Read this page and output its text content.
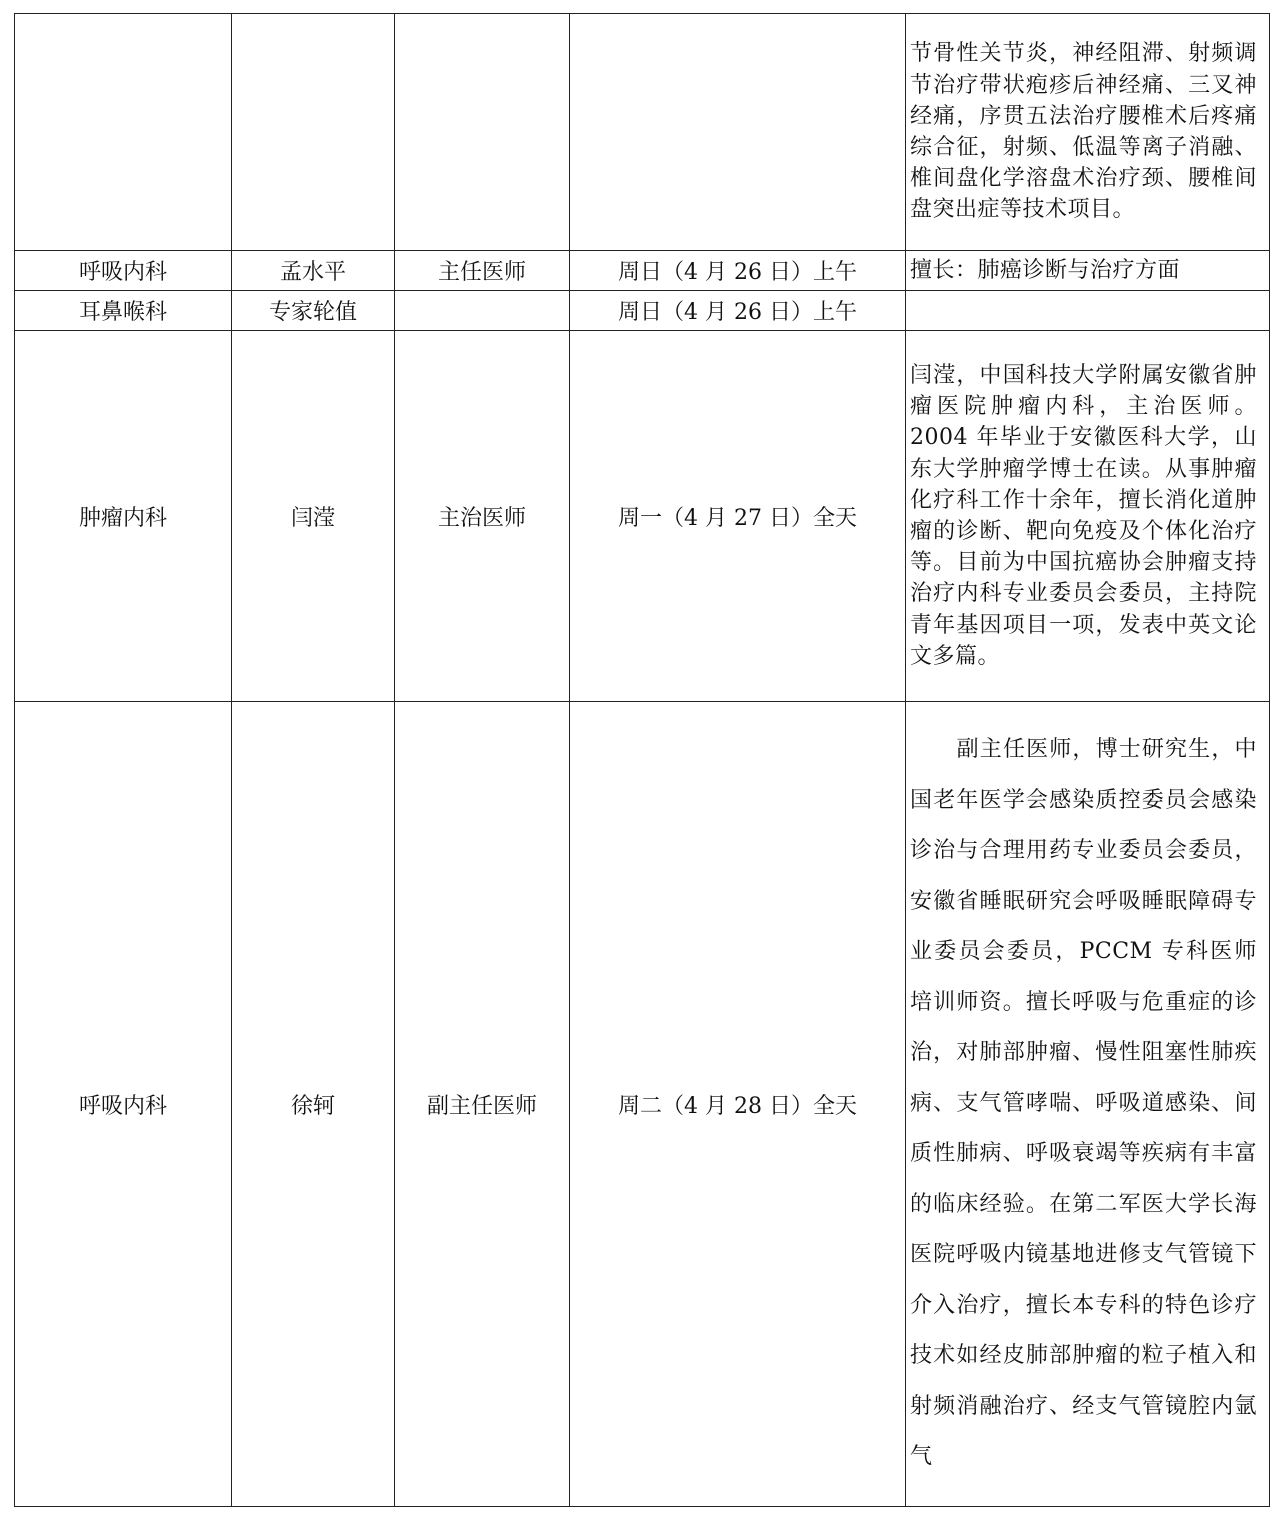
				节骨性关节炎，神经阻滞、射频调节治疗带状疱疹后神经痛、三叉神经痛，序贯五法治疗腰椎术后疼痛综合征，射频、低温等离子消融、椎间盘化学溶盘术治疗颈、腰椎间盘突出症等技术项目。
呼吸内科	孟水平	主任医师	周日（4 月 26 日）上午	擅长：肺癌诊断与治疗方面
耳鼻喉科	专家轮值		周日（4 月 26 日）上午	
肿瘤内科	闫滢	主治医师	周一（4 月 27 日）全天	闫滢，中国科技大学附属安徽省肿瘤医院肿瘤内科，主治医师。2004 年毕业于安徽医科大学，山东大学肿瘤学博士在读。从事肿瘤化疗科工作十余年，擅长消化道肿瘤的诊断、靶向免疫及个体化治疗等。目前为中国抗癌协会肿瘤支持治疗内科专业委员会委员，主持院青年基因项目一项，发表中英文论文多篇。
呼吸内科	徐轲	副主任医师	周二（4 月 28 日）全天	副主任医师，博士研究生，中国老年医学会感染质控委员会感染诊治与合理用药专业委员会委员，安徽省睡眠研究会呼吸睡眠障碍专业委员会委员，PCCM 专科医师培训师资。擅长呼吸与危重症的诊治，对肺部肿瘤、慢性阻塞性肺疾病、支气管哮喘、呼吸道感染、间质性肺病、呼吸衰竭等疾病有丰富的临床经验。在第二军医大学长海医院呼吸内镜基地进修支气管镜下介入治疗，擅长本专科的特色诊疗技术如经皮肺部肿瘤的粒子植入和射频消融治疗、经支气管镜腔内氩气
